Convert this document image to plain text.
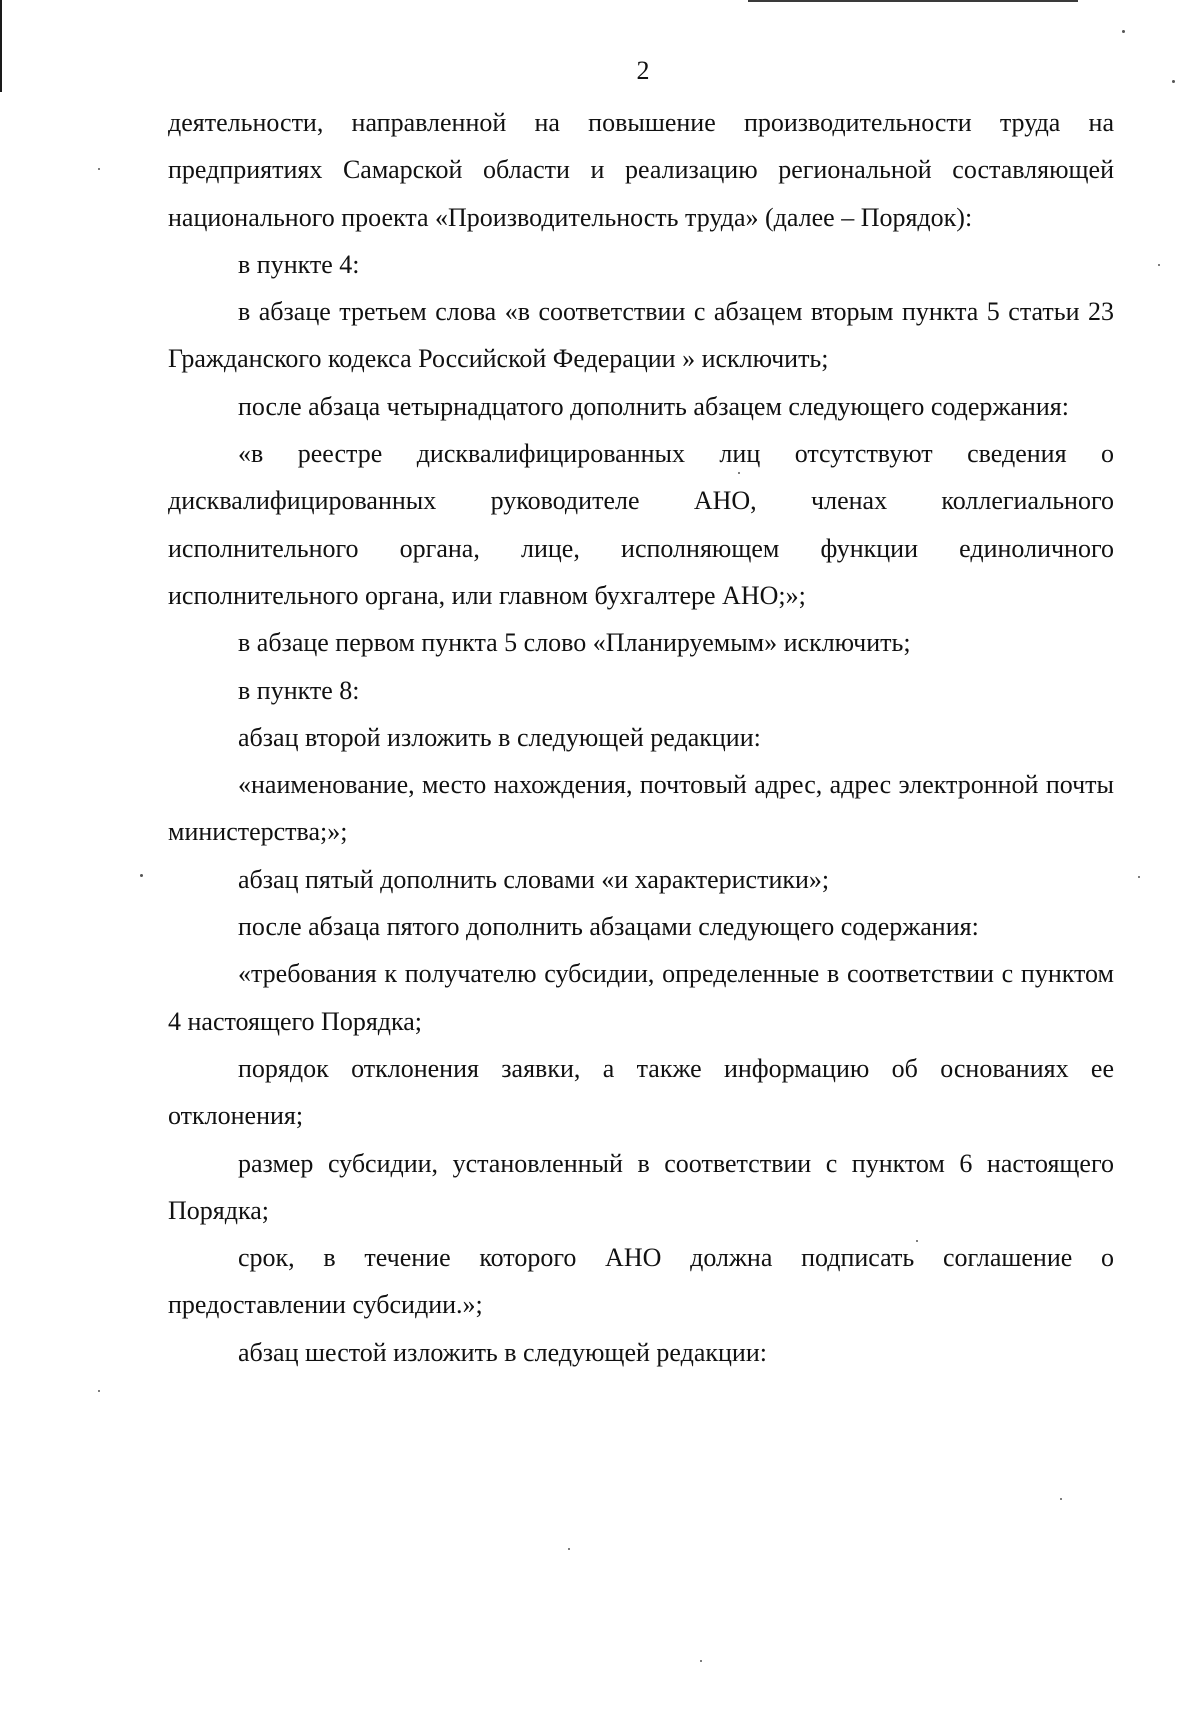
2

деятельности, направленной на повышение производительности труда на предприятиях Самарской области и реализацию региональной составляющей национального проекта «Производительность труда» (далее – Порядок):

в пункте 4:

в абзаце третьем слова «в соответствии с абзацем вторым пункта 5 статьи 23 Гражданского кодекса Российской Федерации » исключить;

после абзаца четырнадцатого дополнить абзацем следующего содержания:

«в реестре дисквалифицированных лиц отсутствуют сведения о дисквалифицированных руководителе АНО, членах коллегиального исполнительного органа, лице, исполняющем функции единоличного исполнительного органа, или главном бухгалтере АНО;»;

в абзаце первом пункта 5 слово «Планируемым» исключить;

в пункте 8:

абзац второй изложить в следующей редакции:

«наименование, место нахождения, почтовый адрес, адрес электронной почты министерства;»;

абзац пятый дополнить словами «и характеристики»;

после абзаца пятого дополнить абзацами следующего содержания:

«требования к получателю субсидии, определенные в соответствии с пунктом 4 настоящего Порядка;

порядок отклонения заявки, а также информацию об основаниях ее отклонения;

размер субсидии, установленный в соответствии с пунктом 6 настоящего Порядка;

срок, в течение которого АНО должна подписать соглашение о предоставлении субсидии.»;

абзац шестой изложить в следующей редакции:
